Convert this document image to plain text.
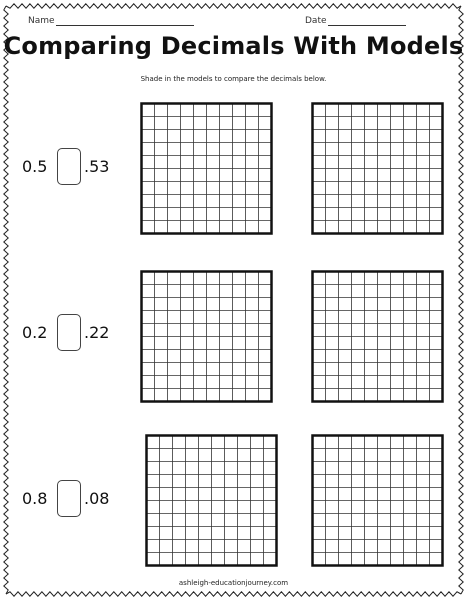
Name	Date
Comparing Decimals With Models
Shade in the models to compare the decimals below.
0.5 .53
0.2 .22
0.8 .08
ashleigh-educationjourney.com
